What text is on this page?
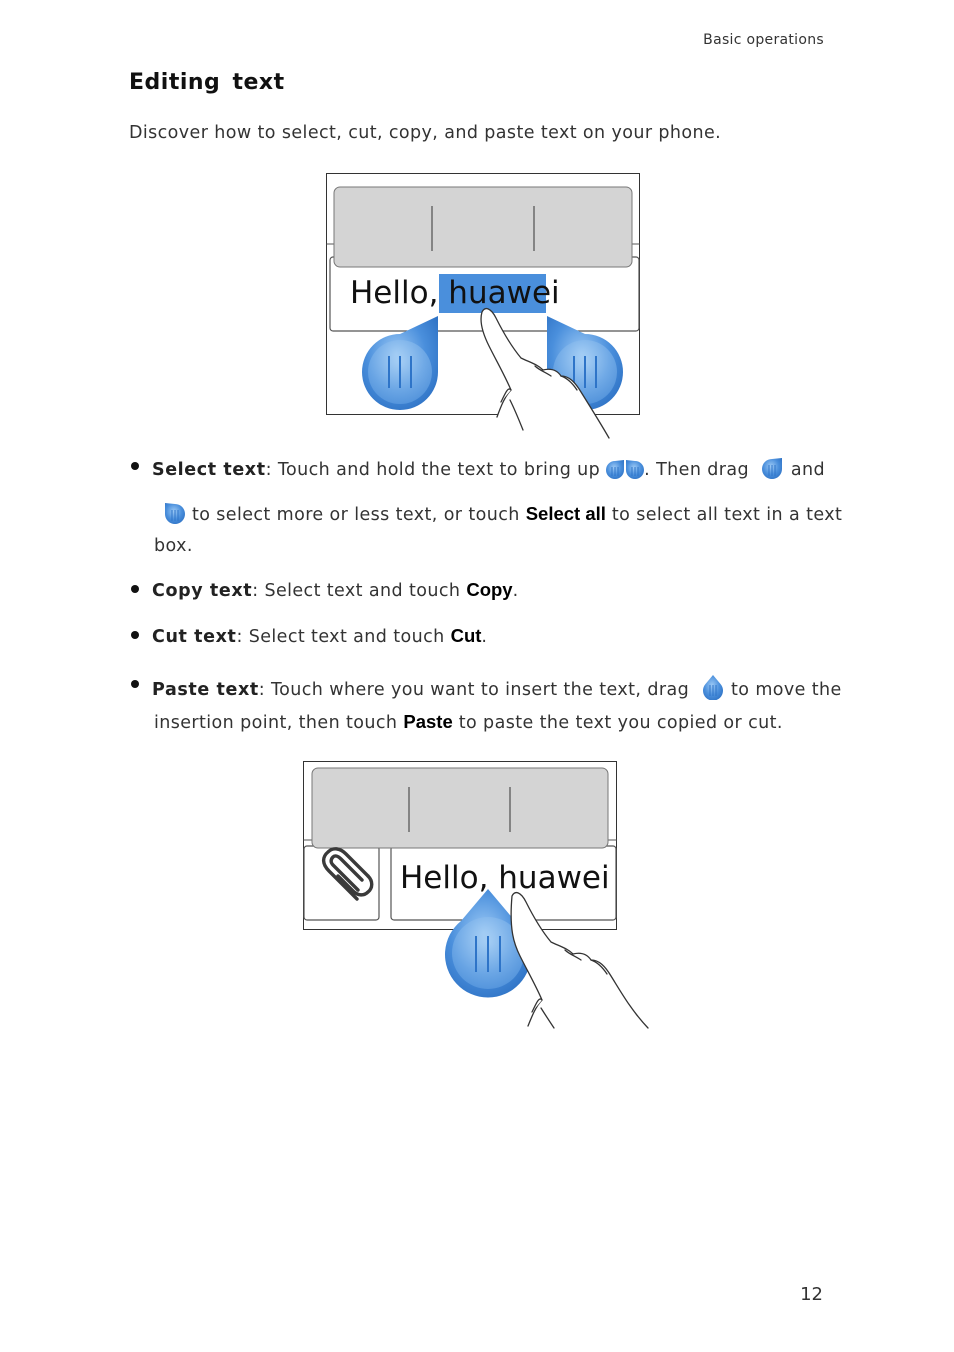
Basic operations
Editing text
Discover how to select, cut, copy, and paste text on your phone.
Hello, huawei
Select text: Touch and hold the text to bring up . Then drag   and
to select more or less text, or touch Select all to select all text in a text
box.
Copy text: Select text and touch Copy.
Cut text: Select text and touch Cut.
Paste text: Touch where you want to insert the text, drag   to move the
insertion point, then touch Paste to paste the text you copied or cut.
Hello, huawei
12
